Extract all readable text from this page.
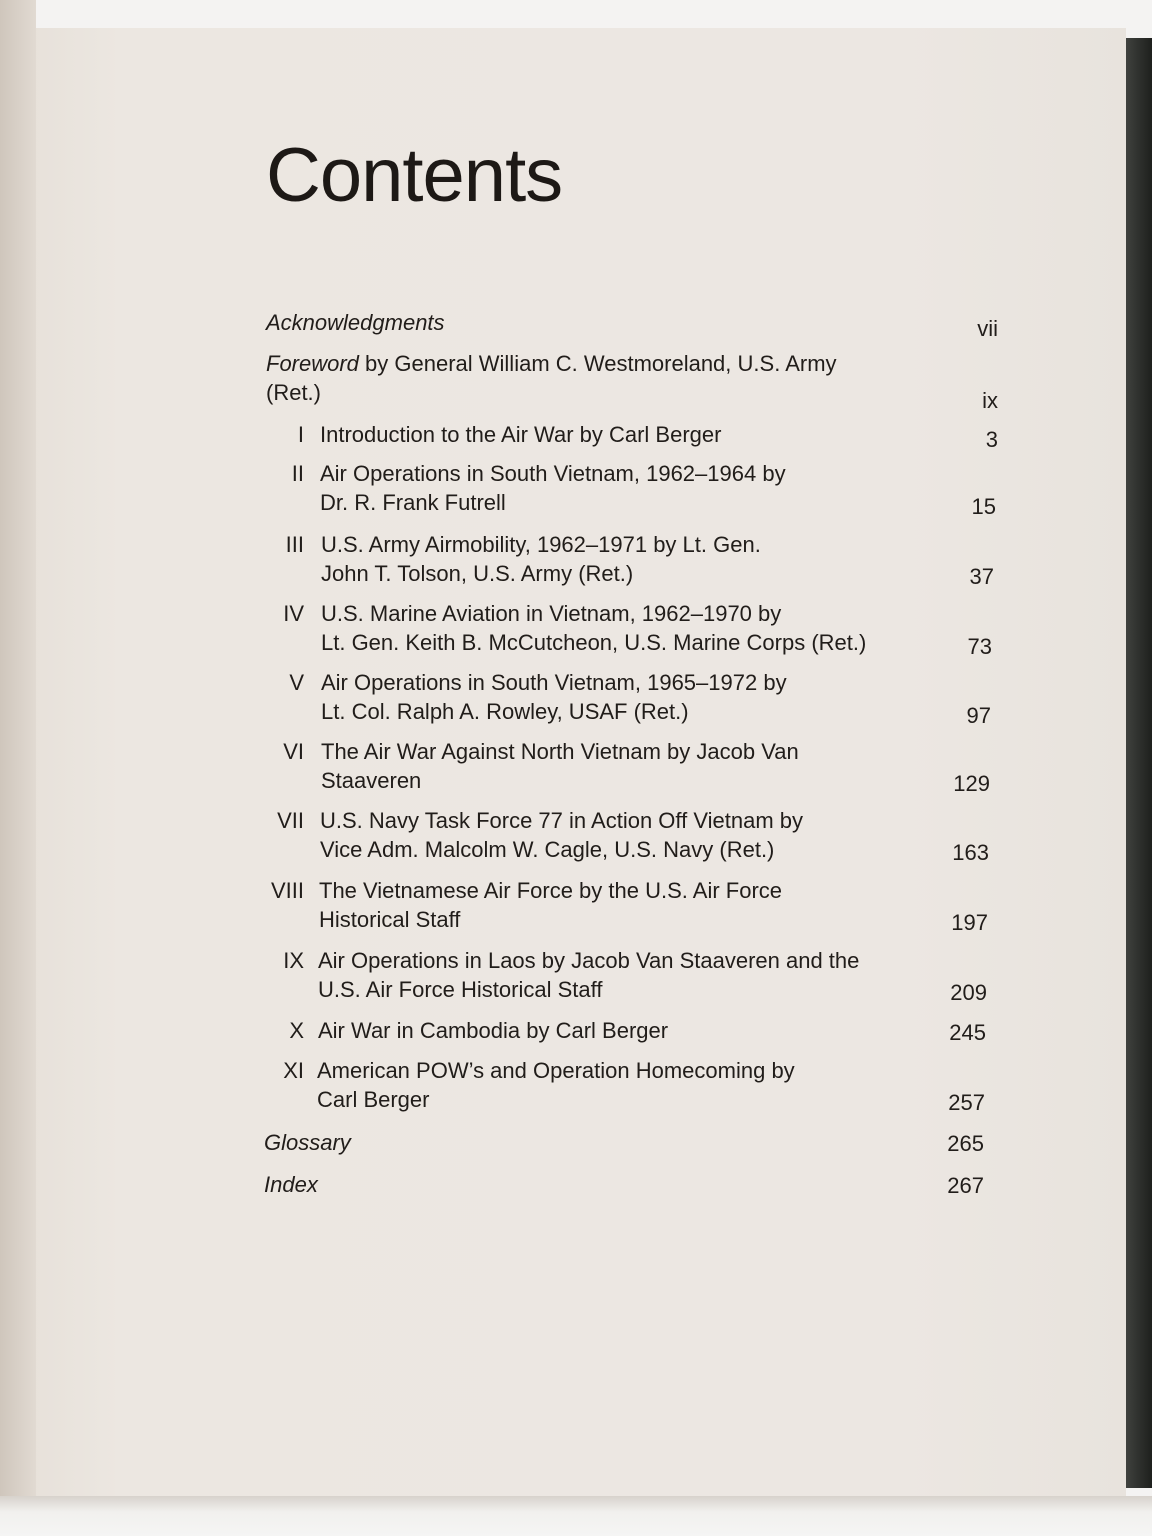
Contents
Acknowledgments	vii
Foreword by General William C. Westmoreland, U.S. Army
(Ret.)	ix
I Introduction to the Air War by Carl Berger	3
II Air Operations in South Vietnam, 1962–1964 by
Dr. R. Frank Futrell	15
III U.S. Army Airmobility, 1962–1971 by Lt. Gen.
John T. Tolson, U.S. Army (Ret.)	37
IV U.S. Marine Aviation in Vietnam, 1962–1970 by
Lt. Gen. Keith B. McCutcheon, U.S. Marine Corps (Ret.)	73
V Air Operations in South Vietnam, 1965–1972 by
Lt. Col. Ralph A. Rowley, USAF (Ret.)	97
VI The Air War Against North Vietnam by Jacob Van
Staaveren	129
VII U.S. Navy Task Force 77 in Action Off Vietnam by
Vice Adm. Malcolm W. Cagle, U.S. Navy (Ret.)	163
VIII The Vietnamese Air Force by the U.S. Air Force
Historical Staff	197
IX Air Operations in Laos by Jacob Van Staaveren and the
U.S. Air Force Historical Staff	209
X Air War in Cambodia by Carl Berger	245
XI American POW’s and Operation Homecoming by
Carl Berger	257
Glossary	265
Index	267
